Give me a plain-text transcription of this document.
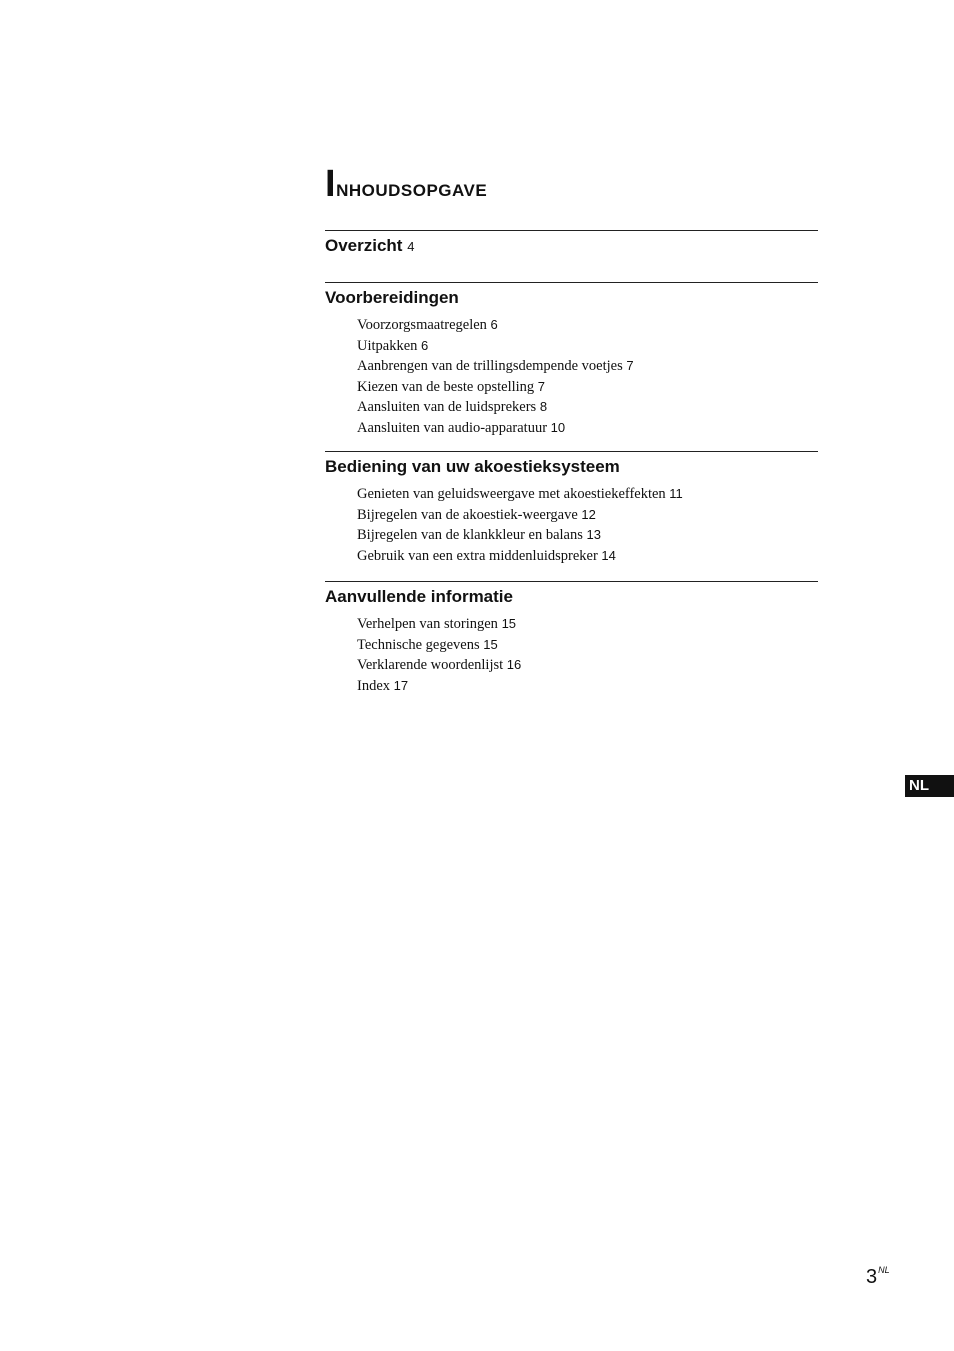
Inhoudsopgave
Overzicht 4
Voorbereidingen
Voorzorgsmaatregelen 6
Uitpakken 6
Aanbrengen van de trillingsdempende voetjes 7
Kiezen van de beste opstelling 7
Aansluiten van de luidsprekers 8
Aansluiten van audio-apparatuur 10
Bediening van uw akoestieksysteem
Genieten van geluidsweergave met akoestiekeffekten 11
Bijregelen van de akoestiek-weergave 12
Bijregelen van de klankkleur en balans 13
Gebruik van een extra middenluidspreker 14
Aanvullende informatie
Verhelpen van storingen 15
Technische gegevens 15
Verklarende woordenlijst 16
Index 17
NL
$3^{NL}$
